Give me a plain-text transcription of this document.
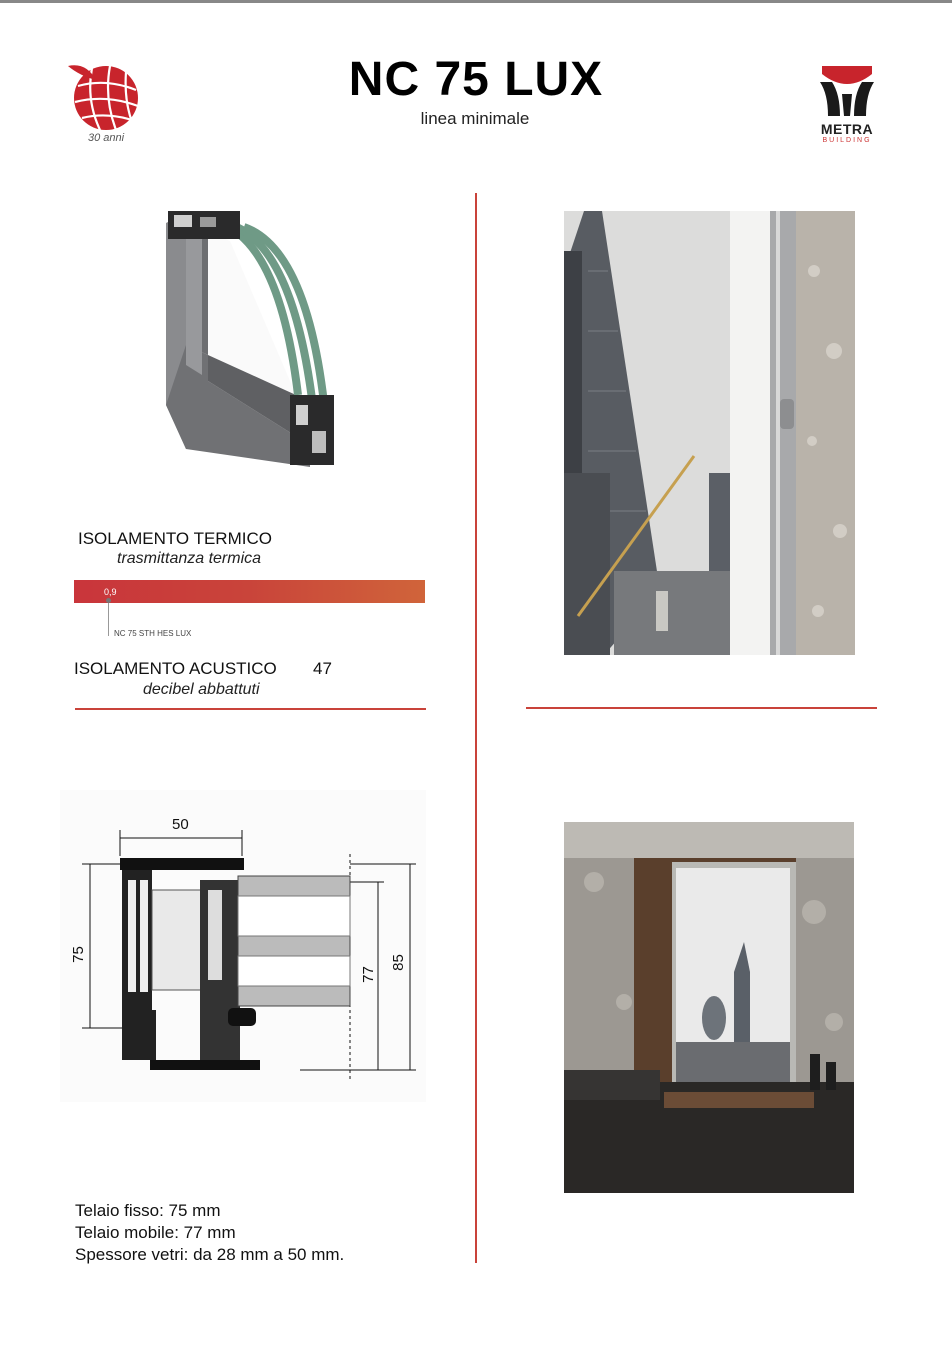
30 anni
NC 75 LUX
linea minimale
METRA
BUILDING
ISOLAMENTO TERMICO
trasmittanza termica
0,9
NC 75 STH HES LUX
ISOLAMENTO ACUSTICO 47
decibel abbattuti
50
75
77
85
Telaio fisso: 75 mm
Telaio mobile: 77 mm
Spessore vetri: da 28 mm a 50 mm.
